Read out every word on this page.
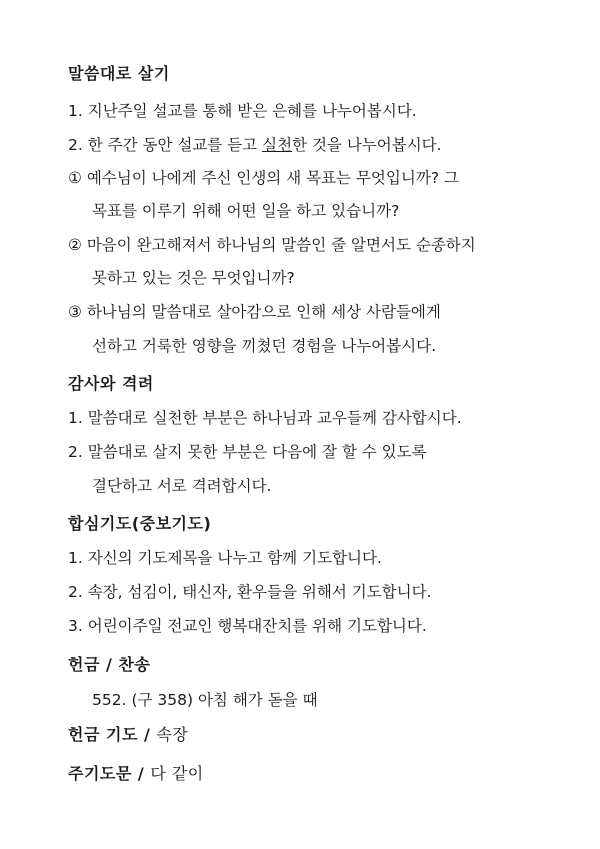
말씀대로 살기
1. 지난주일 설교를 통해 받은 은혜를 나누어봅시다.
2. 한 주간 동안 설교를 듣고 실천한 것을 나누어봅시다.
① 예수님이 나에게 주신 인생의 새 목표는 무엇입니까? 그
목표를 이루기 위해 어떤 일을 하고 있습니까?
② 마음이 완고해져서 하나님의 말씀인 줄 알면서도 순종하지
못하고 있는 것은 무엇입니까?
③ 하나님의 말씀대로 살아감으로 인해 세상 사람들에게
선하고 거룩한 영향을 끼쳤던 경험을 나누어봅시다.
감사와 격려
1. 말씀대로 실천한 부분은 하나님과 교우들께 감사합시다.
2. 말씀대로 살지 못한 부분은 다음에 잘 할 수 있도록
결단하고 서로 격려합시다.
합심기도(중보기도)
1. 자신의 기도제목을 나누고 함께 기도합니다.
2. 속장, 섬김이, 태신자, 환우들을 위해서 기도합니다.
3. 어린이주일 전교인 행복대잔치를 위해 기도합니다.
헌금 / 찬송
552. (구 358) 아침 해가 돋을 때
헌금 기도 / 속장
주기도문 / 다 같이
